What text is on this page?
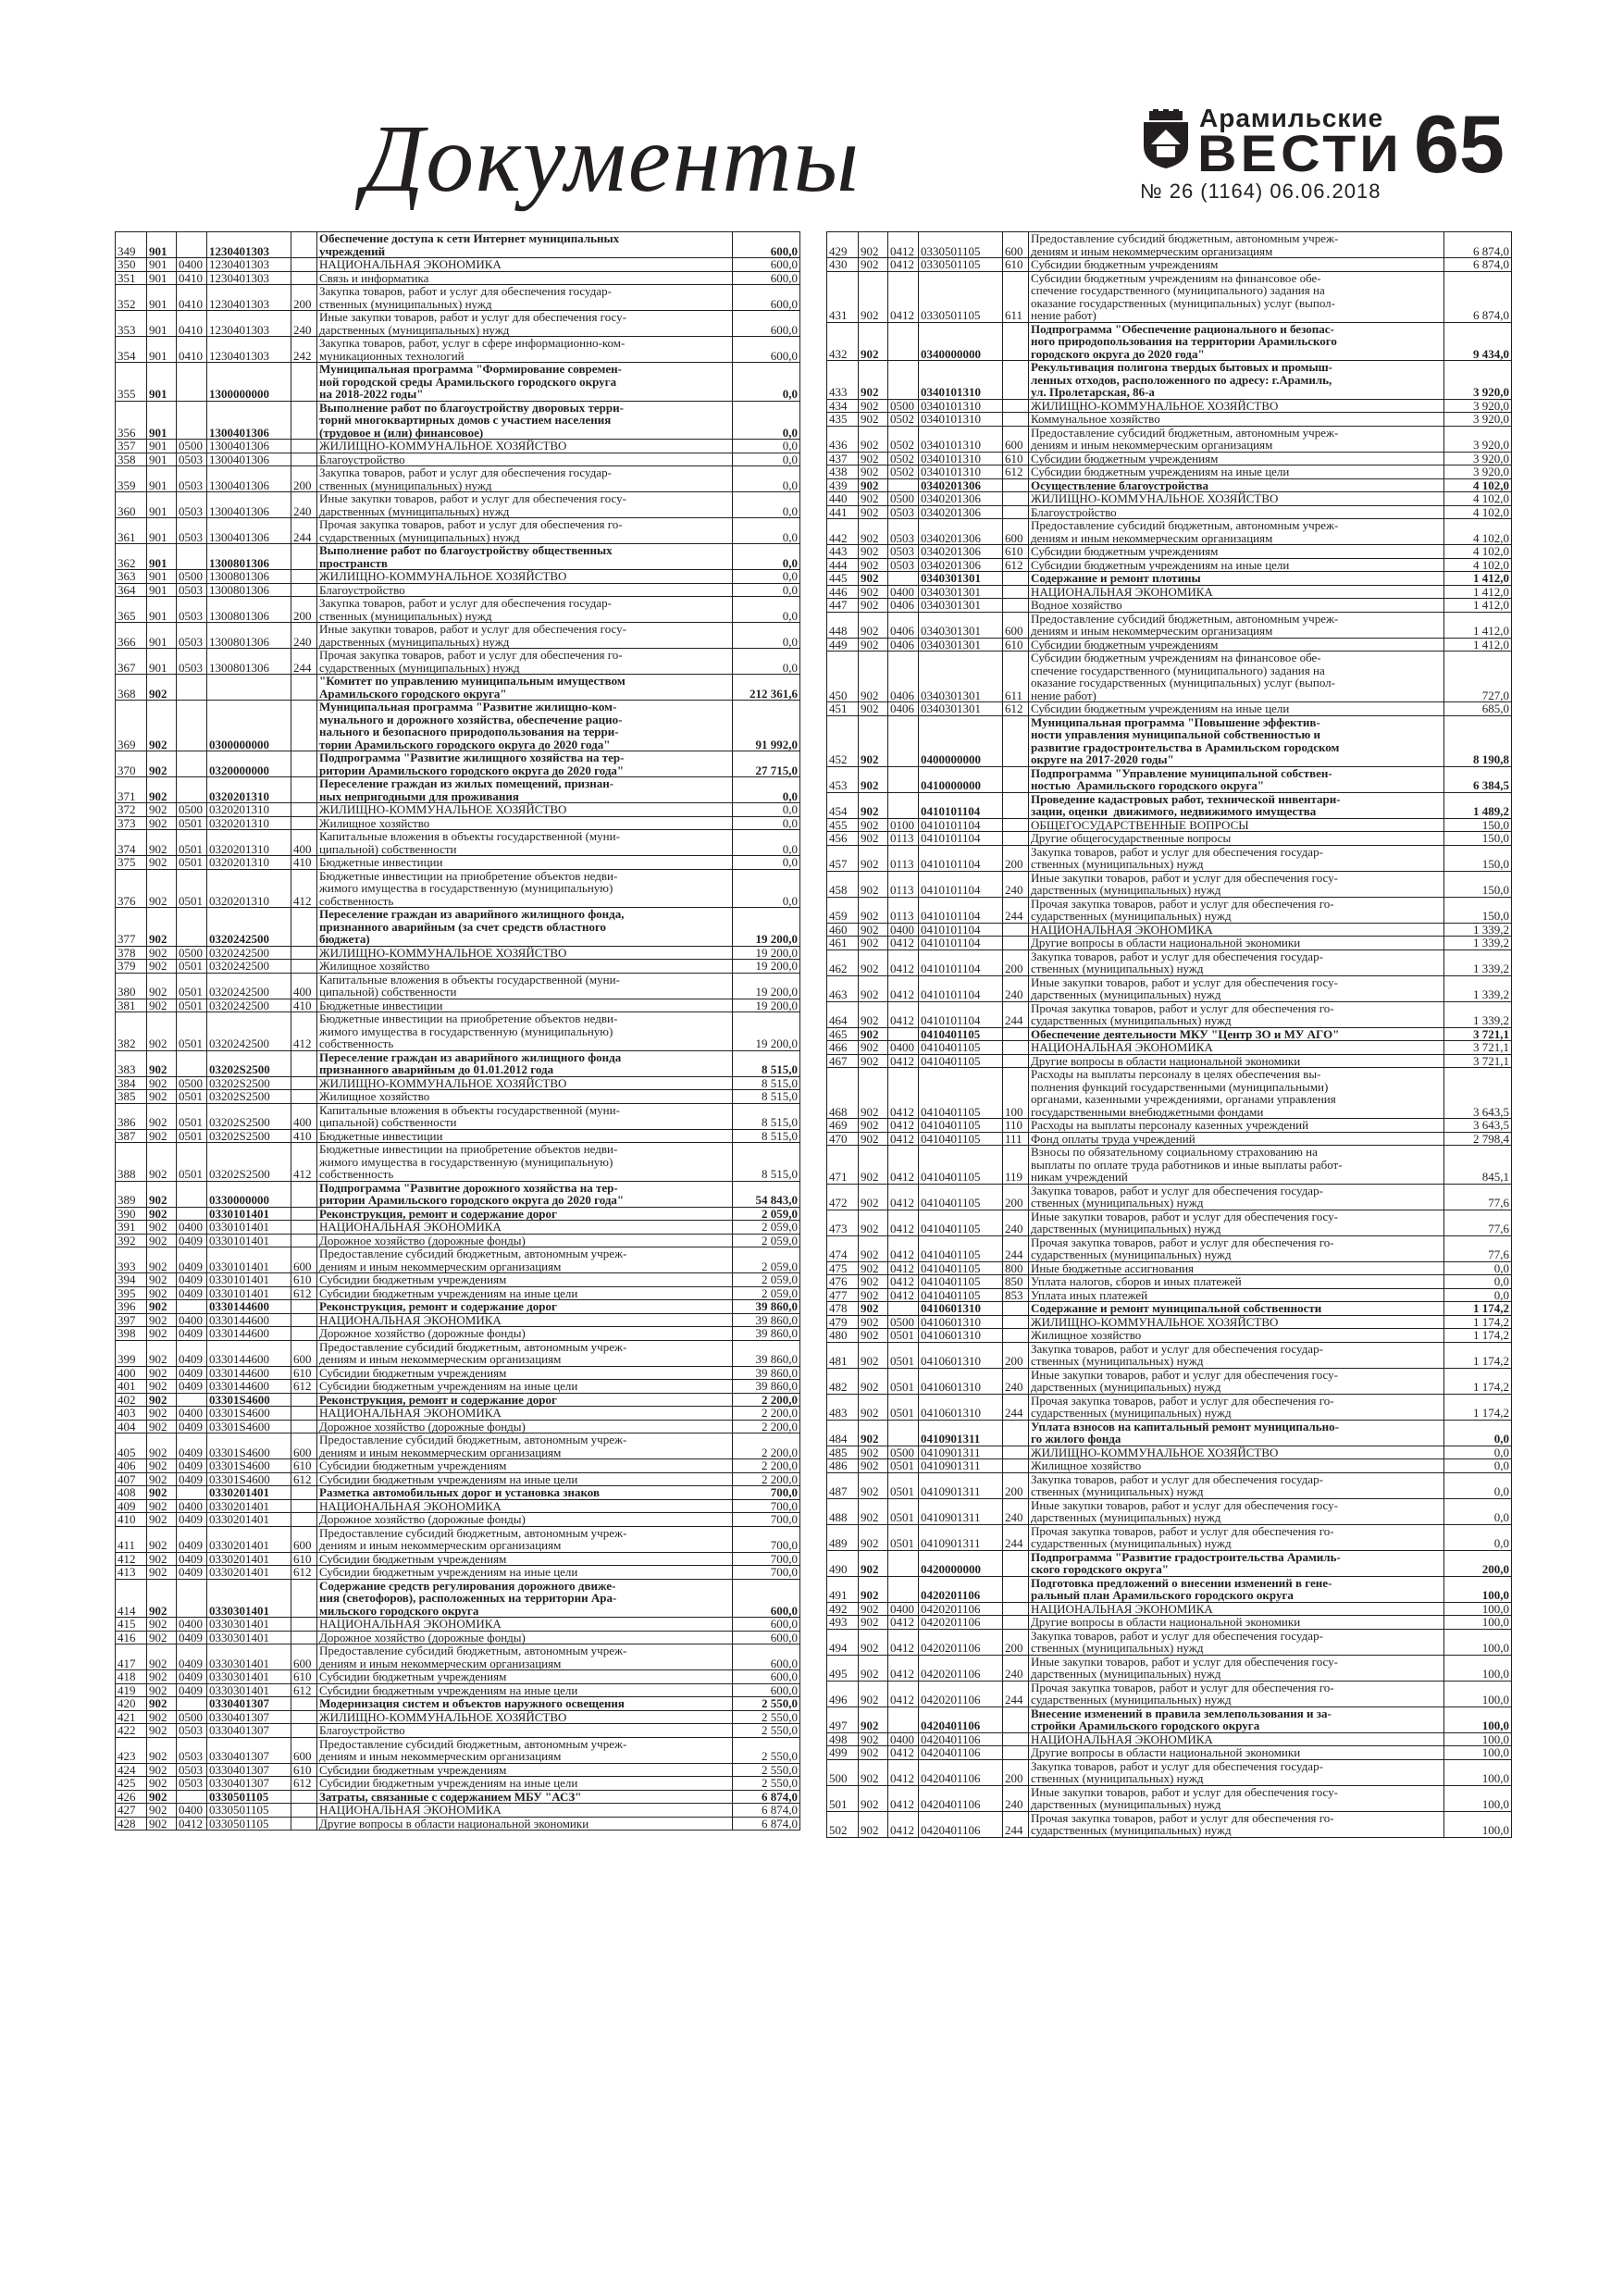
Документы	Арамильские
ВЕСТИ 65
№ 26 (1164) 06.06.2018
349	901	1230401303
Обеспечение доступа к сети Интернет муниципальных
учреждений	600,0
350	901 0400 1230401303	НАЦИОНАЛЬНАЯ ЭКОНОМИКА	600,0
351	901 0410 1230401303	Связь и информатика	600,0
352	901 0410 1230401303	200
Закупка товаров, работ и услуг для обеспечения государ-
ственных (муниципальных) нужд	600,0
353	901 0410 1230401303	240
Иные закупки товаров, работ и услуг для обеспечения госу-
дарственных (муниципальных) нужд	600,0
354	901 0410 1230401303	242
Закупка товаров, работ, услуг в сфере информационно-ком-
муникационных технологий	600,0
355	901	1300000000
Муниципальная программа "Формирование современ-
ной городской среды Арамильского городского округа
на 2018-2022 годы"	0,0
356	901	1300401306
Выполнение работ по благоустройству дворовых терри-
торий многоквартирных домов с участием населения
(трудовое и (или) финансовое)	0,0
357	901 0500 1300401306	ЖИЛИЩНО-КОММУНАЛЬНОЕ ХОЗЯЙСТВО	0,0
358	901 0503 1300401306	Благоустройство	0,0
359	901 0503 1300401306	200
Закупка товаров, работ и услуг для обеспечения государ-
ственных (муниципальных) нужд	0,0
360	901 0503 1300401306	240
Иные закупки товаров, работ и услуг для обеспечения госу-
дарственных (муниципальных) нужд	0,0
361	901 0503 1300401306	244
Прочая закупка товаров, работ и услуг для обеспечения го-
сударственных (муниципальных) нужд	0,0
362	901	1300801306
Выполнение работ по благоустройству общественных
пространств	0,0
363	901 0500 1300801306	ЖИЛИЩНО-КОММУНАЛЬНОЕ ХОЗЯЙСТВО	0,0
364	901 0503 1300801306	Благоустройство	0,0
365	901 0503 1300801306	200
Закупка товаров, работ и услуг для обеспечения государ-
ственных (муниципальных) нужд	0,0
366	901 0503 1300801306	240
Иные закупки товаров, работ и услуг для обеспечения госу-
дарственных (муниципальных) нужд	0,0
367	901 0503 1300801306	244
Прочая закупка товаров, работ и услуг для обеспечения го-
сударственных (муниципальных) нужд	0,0
368	902
"Комитет по управлению муниципальным имуществом
Арамильского городского округа"	212 361,6
369	902	0300000000
Муниципальная программа "Развитие жилищно-ком-
мунального и дорожного хозяйства, обеспечение рацио-
нального и безопасного природопользования на терри-
тории Арамильского городского округа до 2020 года"	91 992,0
370	902	0320000000
Подпрограмма "Развитие жилищного хозяйства на тер-
ритории Арамильского городского округа до 2020 года"	27 715,0
371	902	0320201310
Переселение граждан из жилых помещений, признан-
ных непригодными для проживания	0,0
372	902 0500 0320201310	ЖИЛИЩНО-КОММУНАЛЬНОЕ ХОЗЯЙСТВО	0,0
373	902 0501 0320201310	Жилищное хозяйство	0,0
374	902 0501 0320201310	400
Капитальные вложения в объекты государственной (муни-
ципальной) собственности	0,0
375	902 0501 0320201310	410 Бюджетные инвестиции	0,0
376	902 0501 0320201310	412
Бюджетные инвестиции на приобретение объектов недви-
жимого имущества в государственную (муниципальную)
собственность	0,0
377	902	0320242500
Переселение граждан из аварийного жилищного фонда,
признанного аварийным (за счет средств областного
бюджета)	19 200,0
378	902 0500 0320242500	ЖИЛИЩНО-КОММУНАЛЬНОЕ ХОЗЯЙСТВО	19 200,0
379	902 0501 0320242500	Жилищное хозяйство	19 200,0
380	902 0501 0320242500	400
Капитальные вложения в объекты государственной (муни-
ципальной) собственности	19 200,0
381	902 0501 0320242500	410 Бюджетные инвестиции	19 200,0
382	902 0501 0320242500	412
Бюджетные инвестиции на приобретение объектов недви-
жимого имущества в государственную (муниципальную)
собственность	19 200,0
383	902	03202S2500
Переселение граждан из аварийного жилищного фонда
признанного аварийным до 01.01.2012 года	8 515,0
384	902 0500 03202S2500	ЖИЛИЩНО-КОММУНАЛЬНОЕ ХОЗЯЙСТВО	8 515,0
385	902 0501 03202S2500	Жилищное хозяйство	8 515,0
386	902 0501 03202S2500	400
Капитальные вложения в объекты государственной (муни-
ципальной) собственности	8 515,0
387	902 0501 03202S2500	410 Бюджетные инвестиции	8 515,0
388	902 0501 03202S2500	412
Бюджетные инвестиции на приобретение объектов недви-
жимого имущества в государственную (муниципальную)
собственность	8 515,0
389	902	0330000000
Подпрограмма "Развитие дорожного хозяйства на тер-
ритории Арамильского городского округа до 2020 года"	54 843,0
390	902	0330101401	Реконструкция, ремонт и содержание дорог	2 059,0
391	902 0400 0330101401	НАЦИОНАЛЬНАЯ ЭКОНОМИКА	2 059,0
392	902 0409 0330101401	Дорожное хозяйство (дорожные фонды)	2 059,0
393	902 0409 0330101401	600
Предоставление субсидий бюджетным, автономным учреж-
дениям и иным некоммерческим организациям	2 059,0
394	902 0409 0330101401	610 Субсидии бюджетным учреждениям	2 059,0
395	902 0409 0330101401	612 Субсидии бюджетным учреждениям на иные цели	2 059,0
396	902	0330144600	Реконструкция, ремонт и содержание дорог	39 860,0
397	902 0400 0330144600	НАЦИОНАЛЬНАЯ ЭКОНОМИКА	39 860,0
398	902 0409 0330144600	Дорожное хозяйство (дорожные фонды)	39 860,0
399	902 0409 0330144600	600
Предоставление субсидий бюджетным, автономным учреж-
дениям и иным некоммерческим организациям	39 860,0
400	902 0409 0330144600	610 Субсидии бюджетным учреждениям	39 860,0
401	902 0409 0330144600	612 Субсидии бюджетным учреждениям на иные цели	39 860,0
402	902	03301S4600	Реконструкция, ремонт и содержание дорог	2 200,0
403	902 0400 03301S4600	НАЦИОНАЛЬНАЯ ЭКОНОМИКА	2 200,0
404	902 0409 03301S4600	Дорожное хозяйство (дорожные фонды)	2 200,0
405	902 0409 03301S4600	600
Предоставление субсидий бюджетным, автономным учреж-
дениям и иным некоммерческим организациям	2 200,0
406	902 0409 03301S4600	610 Субсидии бюджетным учреждениям	2 200,0
407	902 0409 03301S4600	612 Субсидии бюджетным учреждениям на иные цели	2 200,0
408	902	0330201401	Разметка автомобильных дорог и установка знаков	700,0
409	902 0400 0330201401	НАЦИОНАЛЬНАЯ ЭКОНОМИКА	700,0
410	902 0409 0330201401	Дорожное хозяйство (дорожные фонды)	700,0
411	902 0409 0330201401	600
Предоставление субсидий бюджетным, автономным учреж-
дениям и иным некоммерческим организациям	700,0
412	902 0409 0330201401	610 Субсидии бюджетным учреждениям	700,0
413	902 0409 0330201401	612 Субсидии бюджетным учреждениям на иные цели	700,0
414	902	0330301401
Содержание средств регулирования дорожного движе-
ния (светофоров), расположенных на территории Ара-
мильского городского округа	600,0
415	902 0400 0330301401	НАЦИОНАЛЬНАЯ ЭКОНОМИКА	600,0
416	902 0409 0330301401	Дорожное хозяйство (дорожные фонды)	600,0
417	902 0409 0330301401	600
Предоставление субсидий бюджетным, автономным учреж-
дениям и иным некоммерческим организациям	600,0
418	902 0409 0330301401	610 Субсидии бюджетным учреждениям	600,0
419	902 0409 0330301401	612 Субсидии бюджетным учреждениям на иные цели	600,0
420	902	0330401307	Модернизация систем и объектов наружного освещения	2 550,0
421	902 0500 0330401307	ЖИЛИЩНО-КОММУНАЛЬНОЕ ХОЗЯЙСТВО	2 550,0
422	902 0503 0330401307	Благоустройство	2 550,0
423	902 0503 0330401307	600
Предоставление субсидий бюджетным, автономным учреж-
дениям и иным некоммерческим организациям	2 550,0
424	902 0503 0330401307	610 Субсидии бюджетным учреждениям	2 550,0
425	902 0503 0330401307	612 Субсидии бюджетным учреждениям на иные цели	2 550,0
426	902	0330501105	Затраты, связанные с содержанием МБУ "АСЗ"	6 874,0
427	902 0400 0330501105	НАЦИОНАЛЬНАЯ ЭКОНОМИКА	6 874,0
428	902 0412 0330501105	Другие вопросы в области национальной экономики	6 874,0
429	902 0412 0330501105	600
Предоставление субсидий бюджетным, автономным учреж-
дениям и иным некоммерческим организациям	6 874,0
430	902 0412 0330501105	610 Субсидии бюджетным учреждениям	6 874,0
431	902 0412 0330501105	611
Субсидии бюджетным учреждениям на финансовое обе-
спечение государственного (муниципального) задания на
оказание государственных (муниципальных) услуг (выпол-
нение работ)	6 874,0
432	902	0340000000
Подпрограмма "Обеспечение рационального и безопас-
ного природопользования на территории Арамильского
городского округа до 2020 года"	9 434,0
433	902	0340101310
Рекультивация полигона твердых бытовых и промыш-
ленных отходов, расположенного по адресу: г.Арамиль,
ул. Пролетарская, 86-а	3 920,0
434	902 0500 0340101310	ЖИЛИЩНО-КОММУНАЛЬНОЕ ХОЗЯЙСТВО	3 920,0
435	902 0502 0340101310	Коммунальное хозяйство	3 920,0
436	902 0502 0340101310	600
Предоставление субсидий бюджетным, автономным учреж-
дениям и иным некоммерческим организациям	3 920,0
437	902 0502 0340101310	610 Субсидии бюджетным учреждениям	3 920,0
438	902 0502 0340101310	612 Субсидии бюджетным учреждениям на иные цели	3 920,0
439	902	0340201306	Осуществление благоустройства	4 102,0
440	902 0500 0340201306	ЖИЛИЩНО-КОММУНАЛЬНОЕ ХОЗЯЙСТВО	4 102,0
441	902 0503 0340201306	Благоустройство	4 102,0
442	902 0503 0340201306	600
Предоставление субсидий бюджетным, автономным учреж-
дениям и иным некоммерческим организациям	4 102,0
443	902 0503 0340201306	610 Субсидии бюджетным учреждениям	4 102,0
444	902 0503 0340201306	612 Субсидии бюджетным учреждениям на иные цели	4 102,0
445	902	0340301301	Содержание и ремонт плотины	1 412,0
446	902 0400 0340301301	НАЦИОНАЛЬНАЯ ЭКОНОМИКА	1 412,0
447	902 0406 0340301301	Водное хозяйство	1 412,0
448	902 0406 0340301301	600
Предоставление субсидий бюджетным, автономным учреж-
дениям и иным некоммерческим организациям	1 412,0
449	902 0406 0340301301	610 Субсидии бюджетным учреждениям	1 412,0
450	902 0406 0340301301	611
Субсидии бюджетным учреждениям на финансовое обе-
спечение государственного (муниципального) задания на
оказание государственных (муниципальных) услуг (выпол-
нение работ)	727,0
451	902 0406 0340301301	612 Субсидии бюджетным учреждениям на иные цели	685,0
452	902	0400000000
Муниципальная программа "Повышение эффектив-
ности управления муниципальной собственностью и
развитие градостроительства в Арамильском городском
округе на 2017-2020 годы"	8 190,8
453	902	0410000000
Подпрограмма "Управление муниципальной собствен-
ностью  Арамильского городского округа"	6 384,5
454	902	0410101104
Проведение кадастровых работ, технической инвентари-
зации, оценки  движимого, недвижимого имущества	1 489,2
455	902 0100 0410101104	ОБЩЕГОСУДАРСТВЕННЫЕ ВОПРОСЫ	150,0
456	902 0113 0410101104	Другие общегосударственные вопросы	150,0
457	902 0113 0410101104	200
Закупка товаров, работ и услуг для обеспечения государ-
ственных (муниципальных) нужд	150,0
458	902 0113 0410101104	240
Иные закупки товаров, работ и услуг для обеспечения госу-
дарственных (муниципальных) нужд	150,0
459	902 0113 0410101104	244
Прочая закупка товаров, работ и услуг для обеспечения го-
сударственных (муниципальных) нужд	150,0
460	902 0400 0410101104	НАЦИОНАЛЬНАЯ ЭКОНОМИКА	1 339,2
461	902 0412 0410101104	Другие вопросы в области национальной экономики	1 339,2
462	902 0412 0410101104	200
Закупка товаров, работ и услуг для обеспечения государ-
ственных (муниципальных) нужд	1 339,2
463	902 0412 0410101104	240
Иные закупки товаров, работ и услуг для обеспечения госу-
дарственных (муниципальных) нужд	1 339,2
464	902 0412 0410101104	244
Прочая закупка товаров, работ и услуг для обеспечения го-
сударственных (муниципальных) нужд	1 339,2
465	902	0410401105	Обеспечение деятельности МКУ "Центр ЗО и МУ АГО"	3 721,1
466	902 0400 0410401105	НАЦИОНАЛЬНАЯ ЭКОНОМИКА	3 721,1
467	902 0412 0410401105	Другие вопросы в области национальной экономики	3 721,1
468	902 0412 0410401105	100
Расходы на выплаты персоналу в целях обеспечения вы-
полнения функций государственными (муниципальными)
органами, казенными учреждениями, органами управления
государственными внебюджетными фондами	3 643,5
469	902 0412 0410401105	110 Расходы на выплаты персоналу казенных учреждений	3 643,5
470	902 0412 0410401105	111 Фонд оплаты труда учреждений	2 798,4
471	902 0412 0410401105	119
Взносы по обязательному социальному страхованию на
выплаты по оплате труда работников и иные выплаты работ-
никам учреждений	845,1
472	902 0412 0410401105	200
Закупка товаров, работ и услуг для обеспечения государ-
ственных (муниципальных) нужд	77,6
473	902 0412 0410401105	240
Иные закупки товаров, работ и услуг для обеспечения госу-
дарственных (муниципальных) нужд	77,6
474	902 0412 0410401105	244
Прочая закупка товаров, работ и услуг для обеспечения го-
сударственных (муниципальных) нужд	77,6
475	902 0412 0410401105	800 Иные бюджетные ассигнования	0,0
476	902 0412 0410401105	850 Уплата налогов, сборов и иных платежей	0,0
477	902 0412 0410401105	853 Уплата иных платежей	0,0
478	902	0410601310	Содержание и ремонт муниципальной собственности	1 174,2
479	902 0500 0410601310	ЖИЛИЩНО-КОММУНАЛЬНОЕ ХОЗЯЙСТВО	1 174,2
480	902 0501 0410601310	Жилищное хозяйство	1 174,2
481	902 0501 0410601310	200
Закупка товаров, работ и услуг для обеспечения государ-
ственных (муниципальных) нужд	1 174,2
482	902 0501 0410601310	240
Иные закупки товаров, работ и услуг для обеспечения госу-
дарственных (муниципальных) нужд	1 174,2
483	902 0501 0410601310	244
Прочая закупка товаров, работ и услуг для обеспечения го-
сударственных (муниципальных) нужд	1 174,2
484	902	0410901311
Уплата взносов на капитальный ремонт муниципально-
го жилого фонда	0,0
485	902 0500 0410901311	ЖИЛИЩНО-КОММУНАЛЬНОЕ ХОЗЯЙСТВО	0,0
486	902 0501 0410901311	Жилищное хозяйство	0,0
487	902 0501 0410901311	200
Закупка товаров, работ и услуг для обеспечения государ-
ственных (муниципальных) нужд	0,0
488	902 0501 0410901311	240
Иные закупки товаров, работ и услуг для обеспечения госу-
дарственных (муниципальных) нужд	0,0
489	902 0501 0410901311	244
Прочая закупка товаров, работ и услуг для обеспечения го-
сударственных (муниципальных) нужд	0,0
490	902	0420000000
Подпрограмма "Развитие градостроительства Арамиль-
ского городского округа"	200,0
491	902	0420201106
Подготовка предложений о внесении изменений в гене-
ральный план Арамильского городского округа	100,0
492	902 0400 0420201106	НАЦИОНАЛЬНАЯ ЭКОНОМИКА	100,0
493	902 0412 0420201106	Другие вопросы в области национальной экономики	100,0
494	902 0412 0420201106	200
Закупка товаров, работ и услуг для обеспечения государ-
ственных (муниципальных) нужд	100,0
495	902 0412 0420201106	240
Иные закупки товаров, работ и услуг для обеспечения госу-
дарственных (муниципальных) нужд	100,0
496	902 0412 0420201106	244
Прочая закупка товаров, работ и услуг для обеспечения го-
сударственных (муниципальных) нужд	100,0
497	902	0420401106
Внесение изменений в правила землепользования и за-
стройки Арамильского городского округа	100,0
498	902 0400 0420401106	НАЦИОНАЛЬНАЯ ЭКОНОМИКА	100,0
499	902 0412 0420401106	Другие вопросы в области национальной экономики	100,0
500	902 0412 0420401106	200
Закупка товаров, работ и услуг для обеспечения государ-
ственных (муниципальных) нужд	100,0
501	902 0412 0420401106	240
Иные закупки товаров, работ и услуг для обеспечения госу-
дарственных (муниципальных) нужд	100,0
502	902 0412 0420401106	244
Прочая закупка товаров, работ и услуг для обеспечения го-
сударственных (муниципальных) нужд	100,0
